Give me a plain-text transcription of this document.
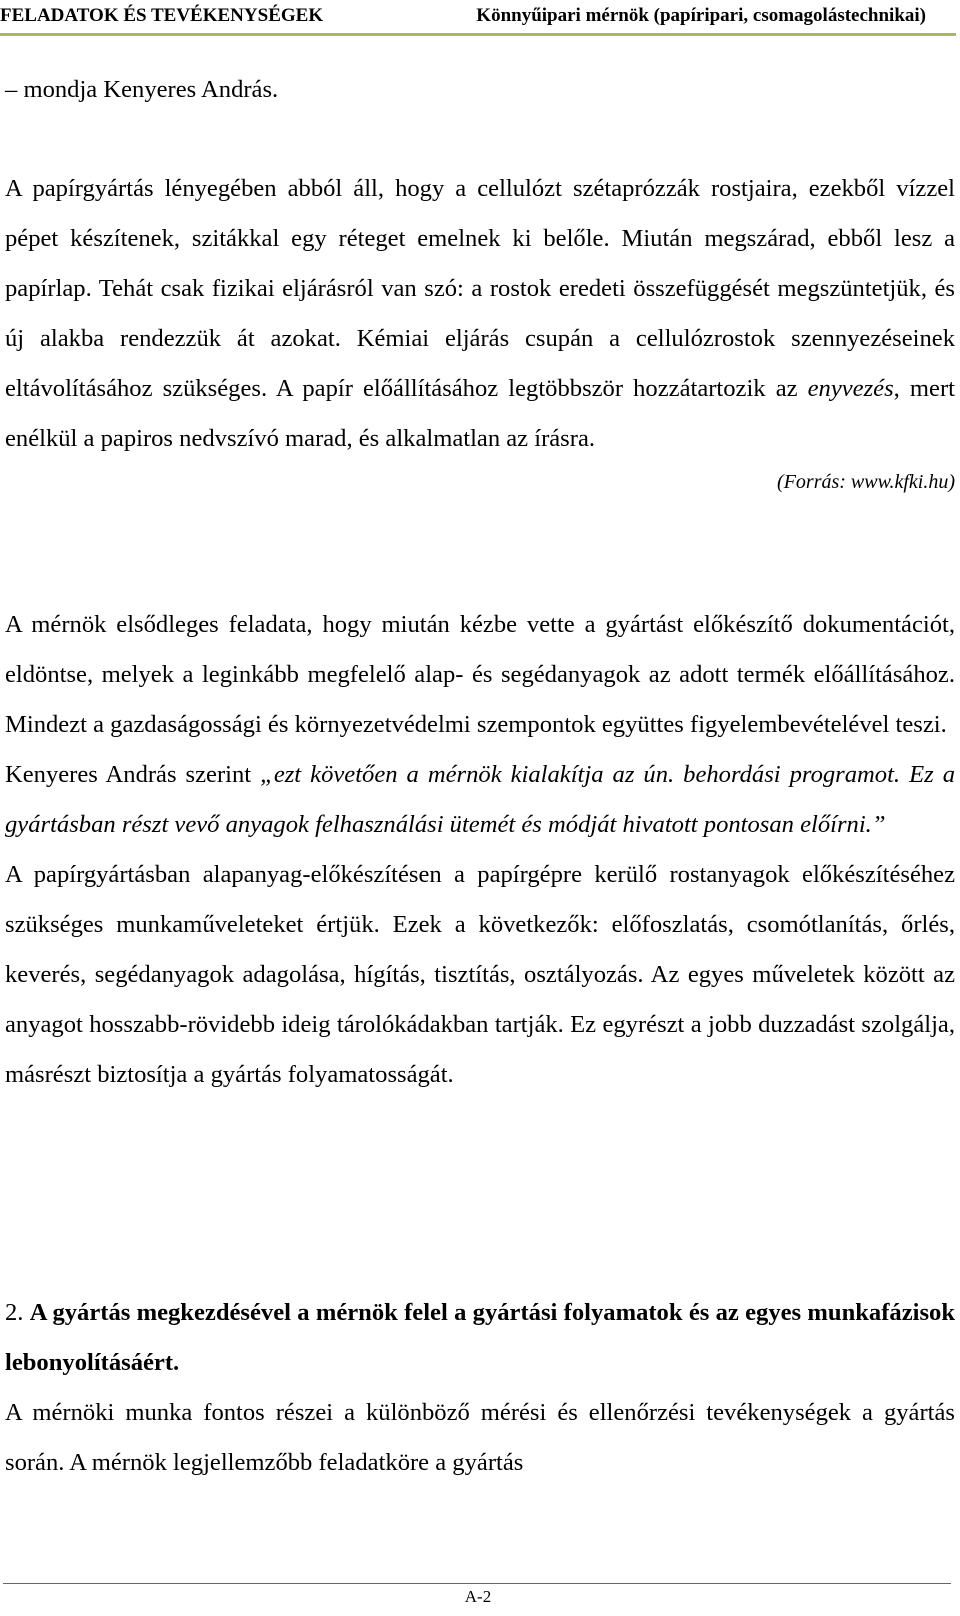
FELADATOK ÉS TEVÉKENYSÉGEK	Könnyűipari mérnök (papíripari, csomagolástechnikai)

– mondja Kenyeres András.

A papírgyártás lényegében abból áll, hogy a cellulózt szétaprózzák rostjaira, ezekből vízzel pépet készítenek, szitákkal egy réteget emelnek ki belőle. Miután megszárad, ebből lesz a papírlap. Tehát csak fizikai eljárásról van szó: a rostok eredeti összefüggését megszüntetjük, és új alakba rendezzük át azokat. Kémiai eljárás csupán a cellulózrostok szennyezéseinek eltávolításához szükséges. A papír előállításához legtöbbször hozzátartozik az enyvezés, mert enélkül a papiros nedvszívó marad, és alkalmatlan az írásra.

(Forrás: www.kfki.hu)

A mérnök elsődleges feladata, hogy miután kézbe vette a gyártást előkészítő dokumentációt, eldöntse, melyek a leginkább megfelelő alap- és segédanyagok az adott termék előállításához. Mindezt a gazdaságossági és környezetvédelmi szempontok együttes figyelembevételével teszi.

Kenyeres András szerint „ezt követően a mérnök kialakítja az ún. behordási programot. Ez a gyártásban részt vevő anyagok felhasználási ütemét és módját hivatott pontosan előírni.”

A papírgyártásban alapanyag-előkészítésen a papírgépre kerülő rostanyagok előkészítéséhez szükséges munkaműveleteket értjük. Ezek a következők: előfoszlatás, csomótlanítás, őrlés, keverés, segédanyagok adagolása, hígítás, tisztítás, osztályozás. Az egyes műveletek között az anyagot hosszabb-rövidebb ideig tárolókádakban tartják. Ez egyrészt a jobb duzzadást szolgálja, másrészt biztosítja a gyártás folyamatosságát.

2. A gyártás megkezdésével a mérnök felel a gyártási folyamatok és az egyes munkafázisok lebonyolításáért.

A mérnöki munka fontos részei a különböző mérési és ellenőrzési tevékenységek a gyártás során. A mérnök legjellemzőbb feladatköre a gyártás

A-2
